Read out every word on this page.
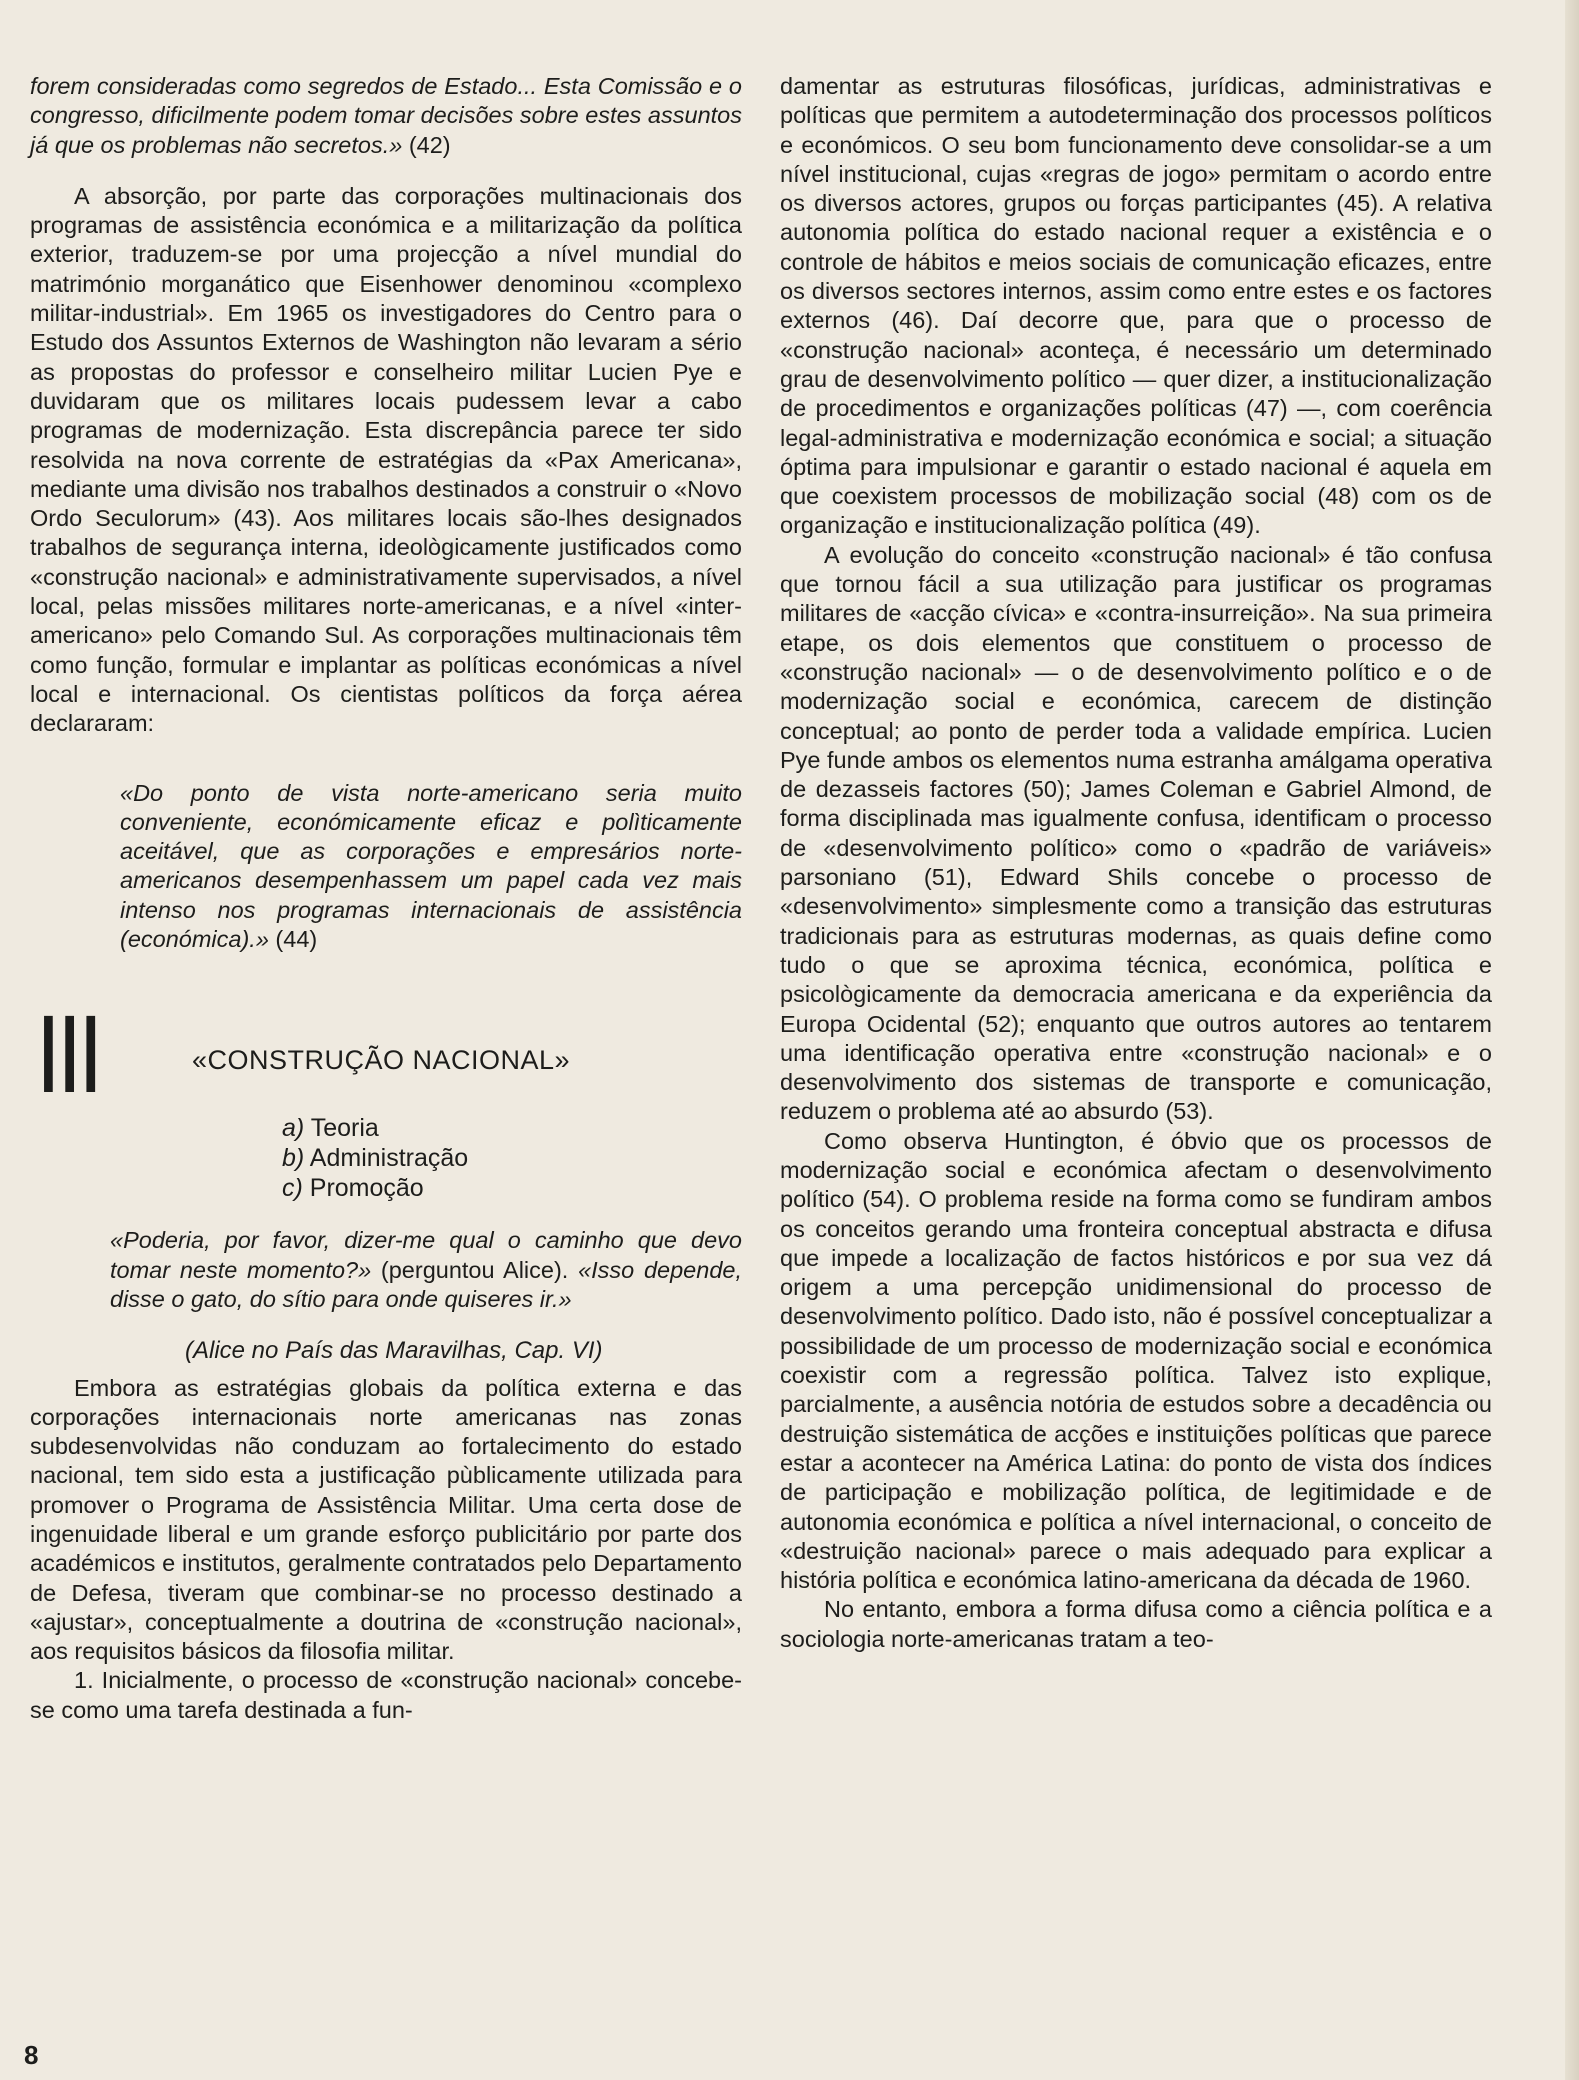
forem consideradas como segredos de Estado... Esta Comissão e o congresso, dificilmente podem tomar decisões sobre estes assuntos já que os problemas não secretos.» (42)

A absorção, por parte das corporações multinacionais dos programas de assistência económica e a militarização da política exterior, traduzem-se por uma projecção a nível mundial do matrimónio morganático que Eisenhower denominou «complexo militar-industrial». Em 1965 os investigadores do Centro para o Estudo dos Assuntos Externos de Washington não levaram a sério as propostas do professor e conselheiro militar Lucien Pye e duvidaram que os militares locais pudessem levar a cabo programas de modernização. Esta discrepância parece ter sido resolvida na nova corrente de estratégias da «Pax Americana», mediante uma divisão nos trabalhos destinados a construir o «Novo Ordo Seculorum» (43). Aos militares locais são-lhes designados trabalhos de segurança interna, ideològicamente justificados como «construção nacional» e administrativamente supervisados, a nível local, pelas missões militares norte-americanas, e a nível «inter-americano» pelo Comando Sul. As corporações multinacionais têm como função, formular e implantar as políticas económicas a nível local e internacional. Os cientistas políticos da força aérea declararam:

«Do ponto de vista norte-americano seria muito conveniente, económicamente eficaz e polìticamente aceitável, que as corporações e empresários norte-americanos desempenhassem um papel cada vez mais intenso nos programas internacionais de assistência (económica).» (44)

III	«CONSTRUÇÃO NACIONAL»
a) Teoria
b) Administração
c) Promoção

«Poderia, por favor, dizer-me qual o caminho que devo tomar neste momento?» (perguntou Alice). «Isso depende, disse o gato, do sítio para onde quiseres ir.»

(Alice no País das Maravilhas, Cap. VI)

Embora as estratégias globais da política externa e das corporações internacionais norte americanas nas zonas subdesenvolvidas não conduzam ao fortalecimento do estado nacional, tem sido esta a justificação pùblicamente utilizada para promover o Programa de Assistência Militar. Uma certa dose de ingenuidade liberal e um grande esforço publicitário por parte dos académicos e institutos, geralmente contratados pelo Departamento de Defesa, tiveram que combinar-se no processo destinado a «ajustar», conceptualmente a doutrina de «construção nacional», aos requisitos básicos da filosofia militar.

1. Inicialmente, o processo de «construção nacional» concebe-se como uma tarefa destinada a fun-

damentar as estruturas filosóficas, jurídicas, administrativas e políticas que permitem a autodeterminação dos processos políticos e económicos. O seu bom funcionamento deve consolidar-se a um nível institucional, cujas «regras de jogo» permitam o acordo entre os diversos actores, grupos ou forças participantes (45). A relativa autonomia política do estado nacional requer a existência e o controle de hábitos e meios sociais de comunicação eficazes, entre os diversos sectores internos, assim como entre estes e os factores externos (46). Daí decorre que, para que o processo de «construção nacional» aconteça, é necessário um determinado grau de desenvolvimento político — quer dizer, a institucionalização de procedimentos e organizações políticas (47) —, com coerência legal-administrativa e modernização económica e social; a situação óptima para impulsionar e garantir o estado nacional é aquela em que coexistem processos de mobilização social (48) com os de organização e institucionalização política (49).

A evolução do conceito «construção nacional» é tão confusa que tornou fácil a sua utilização para justificar os programas militares de «acção cívica» e «contra-insurreição». Na sua primeira etape, os dois elementos que constituem o processo de «construção nacional» — o de desenvolvimento político e o de modernização social e económica, carecem de distinção conceptual; ao ponto de perder toda a validade empírica. Lucien Pye funde ambos os elementos numa estranha amálgama operativa de dezasseis factores (50); James Coleman e Gabriel Almond, de forma disciplinada mas igualmente confusa, identificam o processo de «desenvolvimento político» como o «padrão de variáveis» parsoniano (51), Edward Shils concebe o processo de «desenvolvimento» simplesmente como a transição das estruturas tradicionais para as estruturas modernas, as quais define como tudo o que se aproxima técnica, económica, política e psicològicamente da democracia americana e da experiência da Europa Ocidental (52); enquanto que outros autores ao tentarem uma identificação operativa entre «construção nacional» e o desenvolvimento dos sistemas de transporte e comunicação, reduzem o problema até ao absurdo (53).

Como observa Huntington, é óbvio que os processos de modernização social e económica afectam o desenvolvimento político (54). O problema reside na forma como se fundiram ambos os conceitos gerando uma fronteira conceptual abstracta e difusa que impede a localização de factos históricos e por sua vez dá origem a uma percepção unidimensional do processo de desenvolvimento político. Dado isto, não é possível conceptualizar a possibilidade de um processo de modernização social e económica coexistir com a regressão política. Talvez isto explique, parcialmente, a ausência notória de estudos sobre a decadência ou destruição sistemática de acções e instituições políticas que parece estar a acontecer na América Latina: do ponto de vista dos índices de participação e mobilização política, de legitimidade e de autonomia económica e política a nível internacional, o conceito de «destruição nacional» parece o mais adequado para explicar a história política e económica latino-americana da década de 1960.

No entanto, embora a forma difusa como a ciência política e a sociologia norte-americanas tratam a teo-

8
